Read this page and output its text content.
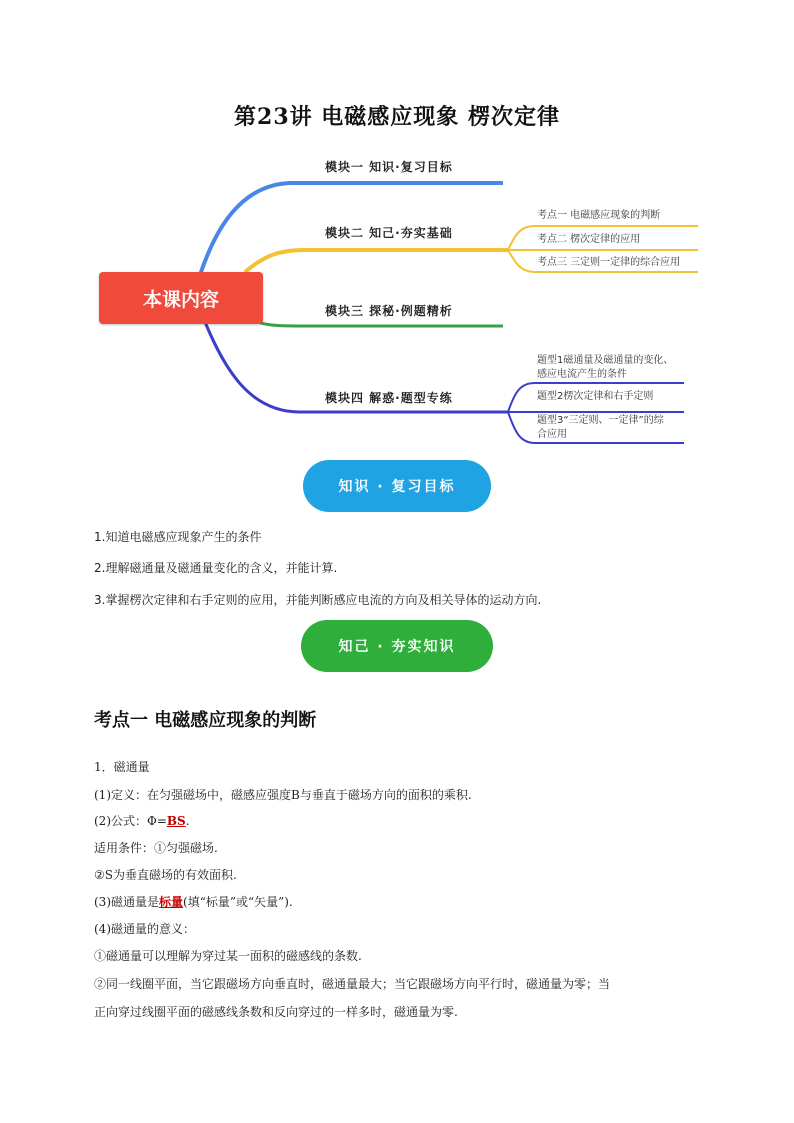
第23讲 电磁感应现象 楞次定律
本课内容
模块一 知识·复习目标
模块二 知己·夯实基础
模块三 探秘·例题精析
模块四 解惑·题型专练
考点一 电磁感应现象的判断
考点二 楞次定律的应用
考点三 三定则一定律的综合应用
题型1磁通量及磁通量的变化、
感应电流产生的条件
题型2楞次定律和右手定则
题型3“三定则、一定律”的综
合应用
知识 · 复习目标
1.知道电磁感应现象产生的条件
2.理解磁通量及磁通量变化的含义，并能计算.
3.掌握楞次定律和右手定则的应用，并能判断感应电流的方向及相关导体的运动方向.
知己 · 夯实知识
考点一 电磁感应现象的判断
1．磁通量
(1)定义：在匀强磁场中，磁感应强度B与垂直于磁场方向的面积的乘积.
(2)公式：Φ=BS.
适用条件：①匀强磁场.
②S为垂直磁场的有效面积.
(3)磁通量是标量(填“标量”或“矢量”).
(4)磁通量的意义：
①磁通量可以理解为穿过某一面积的磁感线的条数.
②同一线圈平面，当它跟磁场方向垂直时，磁通量最大；当它跟磁场方向平行时，磁通量为零；当
正向穿过线圈平面的磁感线条数和反向穿过的一样多时，磁通量为零.
